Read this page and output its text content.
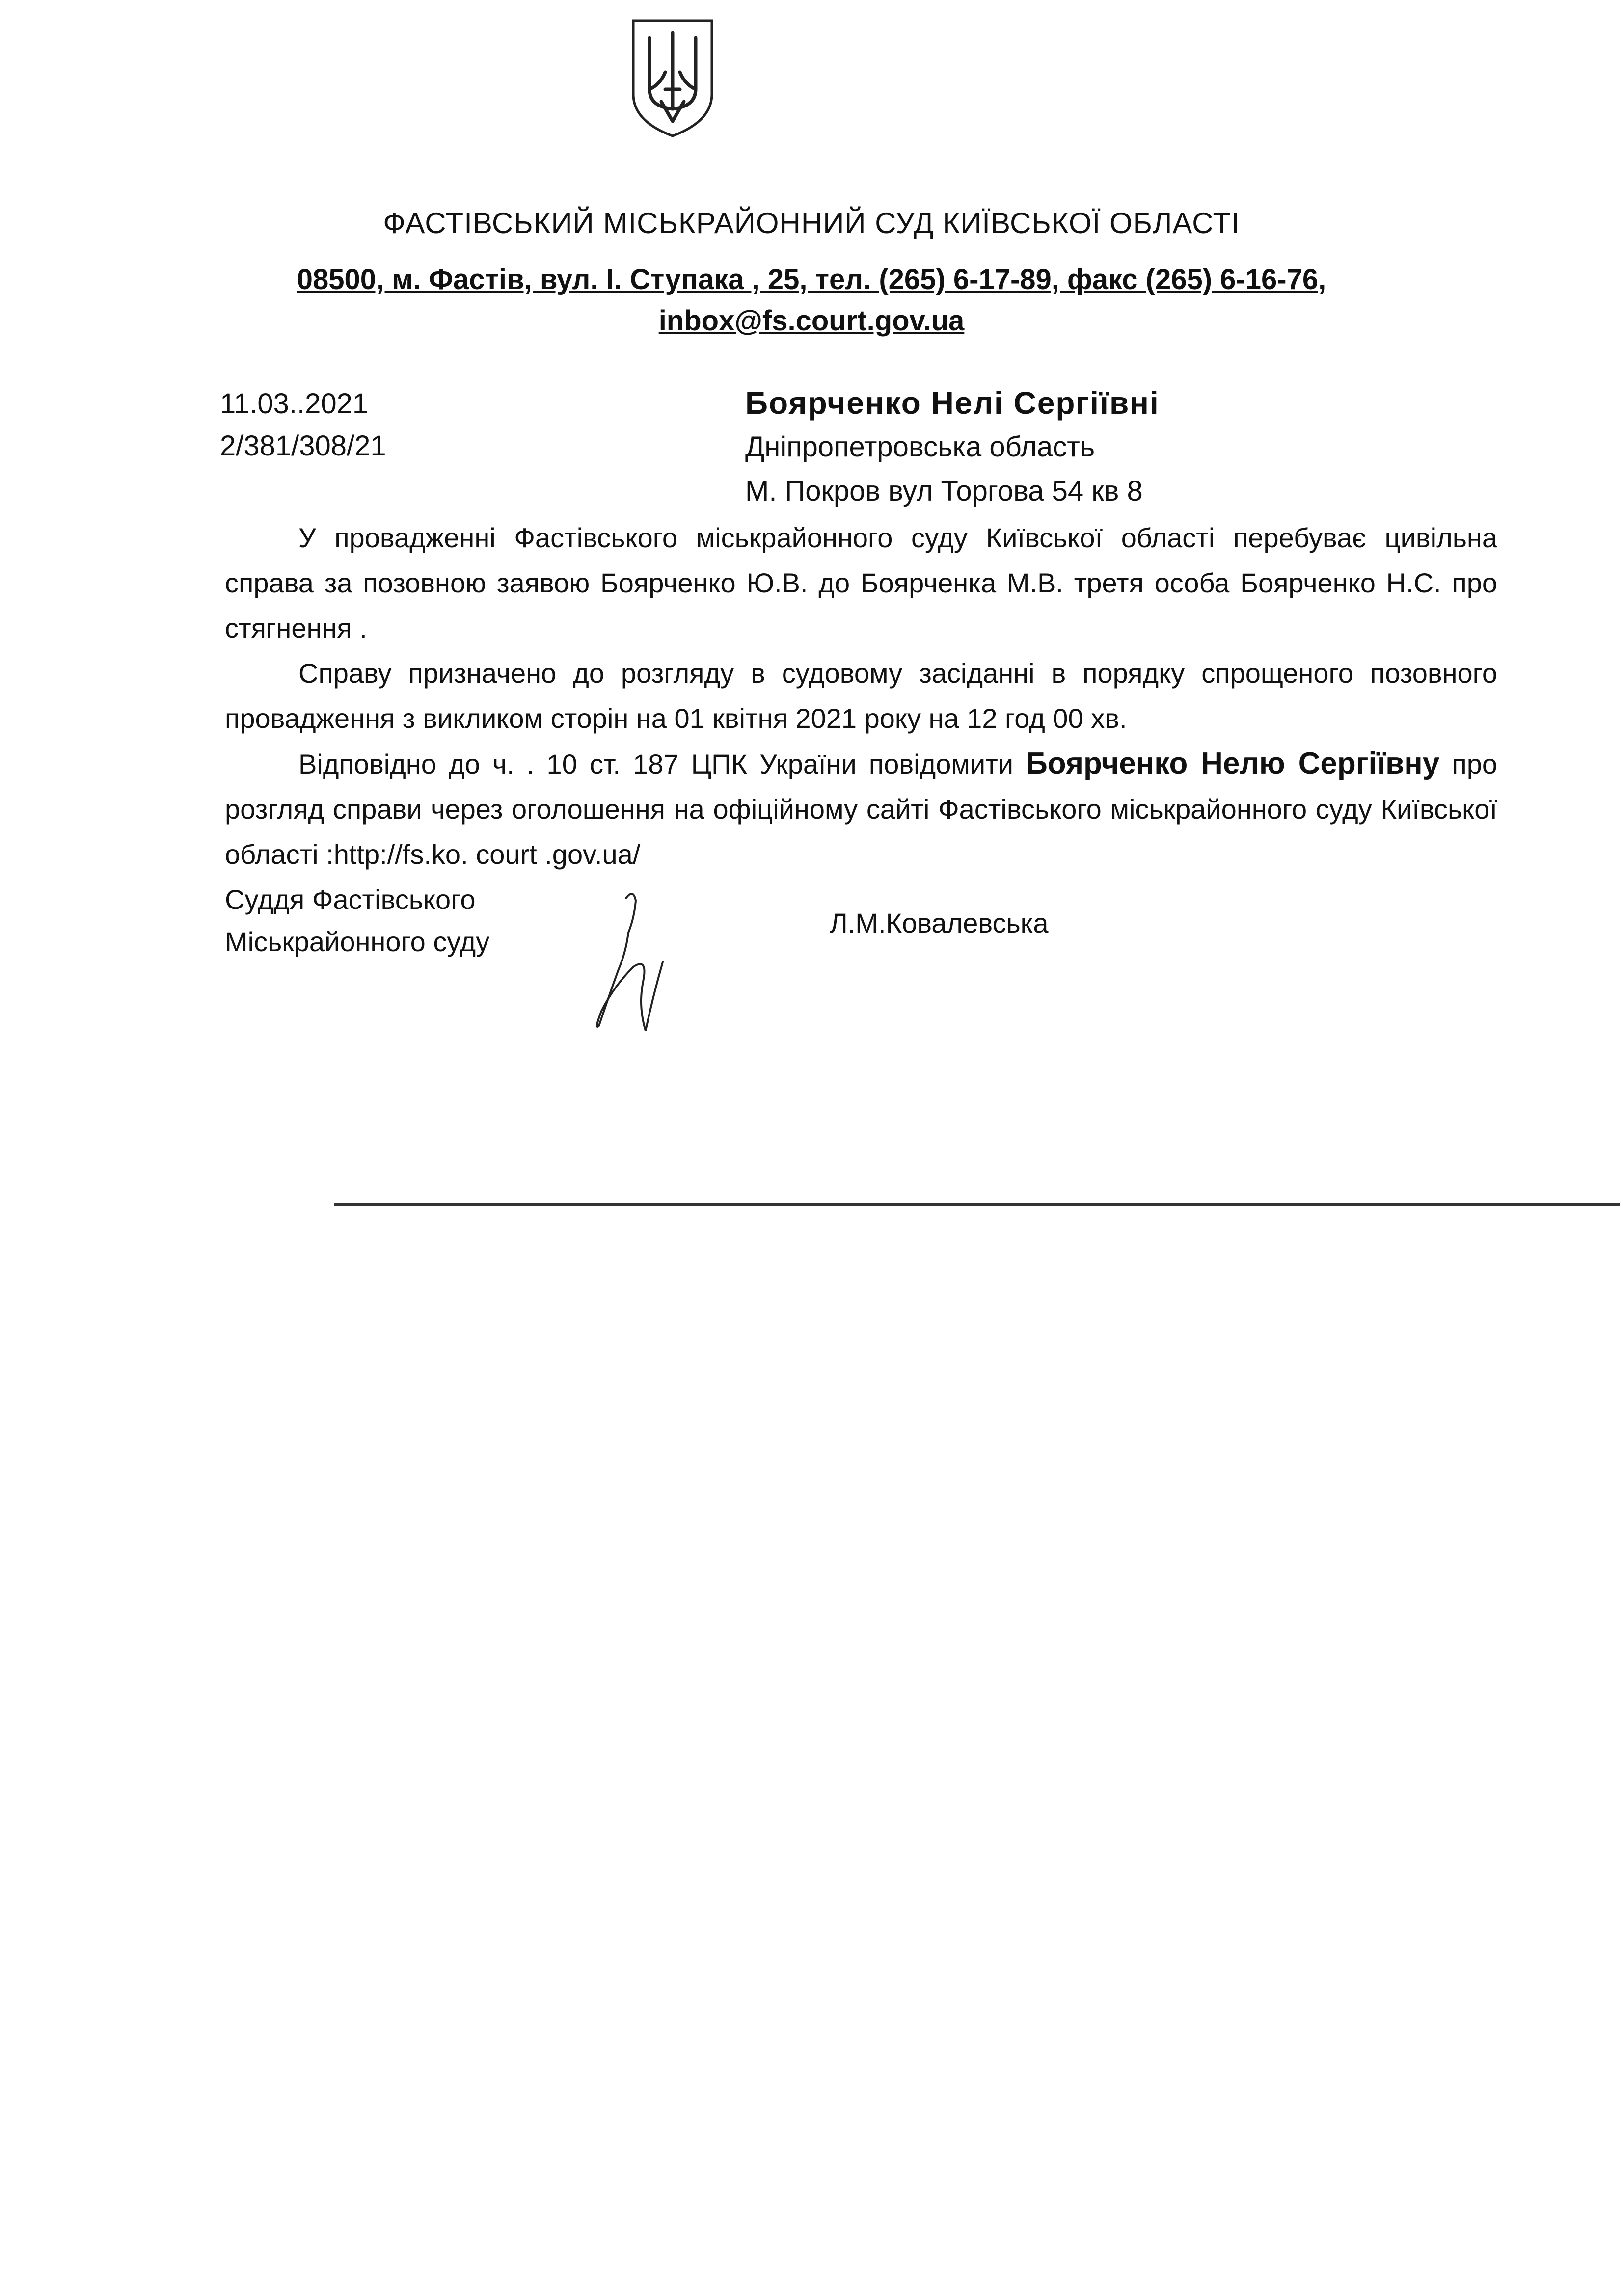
ФАСТІВСЬКИЙ МІСЬКРАЙОННИЙ СУД КИЇВСЬКОЇ ОБЛАСТІ
08500, м. Фастів, вул. І. Ступака , 25, тел. (265) 6-17-89, факс (265) 6-16-76,
inbox@fs.court.gov.ua
11.03..2021
2/381/308/21
Боярченко Нелі Сергіївні
Дніпропетровська область
М. Покров вул Торгова 54 кв 8

У провадженні Фастівського міськрайонного суду Київської області перебуває цивільна справа за позовною заявою Боярченко Ю.В. до Боярченка М.В. третя особа Боярченко Н.С. про стягнення .

Справу призначено до розгляду в судовому засіданні в порядку спрощеного позовного провадження з викликом сторін на 01 квітня 2021 року на 12 год 00 хв.

Відповідно до ч. . 10 ст. 187 ЦПК України повідомити Боярченко Нелю Сергіївну про розгляд справи через оголошення на офіційному сайті Фастівського міськрайонного суду Київської області :http://fs.ko. court .gov.ua/

Суддя Фастівського
Міськрайонного суду
Л.М.Ковалевська
